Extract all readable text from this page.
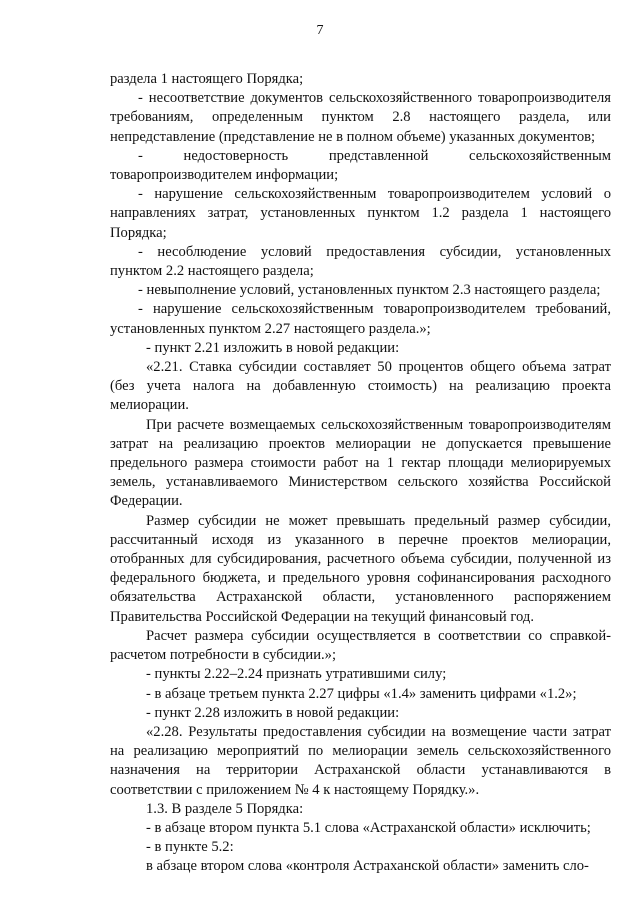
7

раздела 1 настоящего Порядка;

- несоответствие документов сельскохозяйственного товаропроизводителя требованиям, определенным пунктом 2.8 настоящего раздела, или непредставление (представление не в полном объеме) указанных документов;

- недостоверность представленной сельскохозяйственным товаропроизводителем информации;

- нарушение сельскохозяйственным товаропроизводителем условий о направлениях затрат, установленных пунктом 1.2 раздела 1 настоящего Порядка;

- несоблюдение условий предоставления субсидии, установленных пунктом 2.2 настоящего раздела;

- невыполнение условий, установленных пунктом 2.3 настоящего раздела;

- нарушение сельскохозяйственным товаропроизводителем требований, установленных пунктом 2.27 настоящего раздела.»;

- пункт 2.21 изложить в новой редакции:

«2.21. Ставка субсидии составляет 50 процентов общего объема затрат (без учета налога на добавленную стоимость) на реализацию проекта мелиорации.

При расчете возмещаемых сельскохозяйственным товаропроизводителям затрат на реализацию проектов мелиорации не допускается превышение предельного размера стоимости работ на 1 гектар площади мелиорируемых земель, устанавливаемого Министерством сельского хозяйства Российской Федерации.

Размер субсидии не может превышать предельный размер субсидии, рассчитанный исходя из указанного в перечне проектов мелиорации, отобранных для субсидирования, расчетного объема субсидии, полученной из федерального бюджета, и предельного уровня софинансирования расходного обязательства Астраханской области, установленного распоряжением Правительства Российской Федерации на текущий финансовый год.

Расчет размера субсидии осуществляется в соответствии со справкой-расчетом потребности в субсидии.»;

- пункты 2.22–2.24 признать утратившими силу;

- в абзаце третьем пункта 2.27 цифры «1.4» заменить цифрами «1.2»;

- пункт 2.28 изложить в новой редакции:

«2.28. Результаты предоставления субсидии на возмещение части затрат на реализацию мероприятий по мелиорации земель сельскохозяйственного назначения на территории Астраханской области устанавливаются в соответствии с приложением № 4 к настоящему Порядку.».

1.3. В разделе 5 Порядка:

- в абзаце втором пункта 5.1 слова «Астраханской области» исключить;

- в пункте 5.2:

в абзаце втором слова «контроля Астраханской области» заменить сло-
